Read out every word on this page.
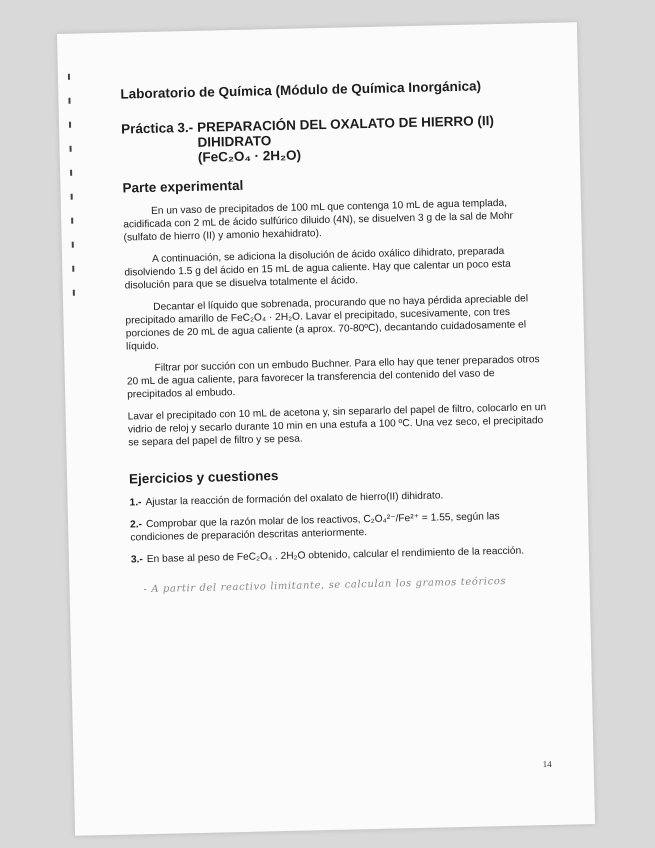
Laboratorio de Química (Módulo de Química Inorgánica)
Práctica 3.- PREPARACIÓN DEL OXALATO DE HIERRO (II) DIHIDRATO
(FeC₂O₄ · 2H₂O)
Parte experimental

En un vaso de precipitados de 100 mL que contenga 10 mL de agua templada, acidificada con 2 mL de ácido sulfúrico diluido (4N), se disuelven 3 g de la sal de Mohr (sulfato de hierro (II) y amonio hexahidrato).

A continuación, se adiciona la disolución de ácido oxálico dihidrato, preparada disolviendo 1.5 g del ácido en 15 mL de agua caliente. Hay que calentar un poco esta disolución para que se disuelva totalmente el ácido.

Decantar el líquido que sobrenada, procurando que no haya pérdida apreciable del precipitado amarillo de FeC₂O₄ · 2H₂O. Lavar el precipitado, sucesivamente, con tres porciones de 20 mL de agua caliente (a aprox. 70-80ºC), decantando cuidadosamente el líquido.

Filtrar por succión con un embudo Buchner. Para ello hay que tener preparados otros 20 mL de agua caliente, para favorecer la transferencia del contenido del vaso de precipitados al embudo.

Lavar el precipitado con 10 mL de acetona y, sin separarlo del papel de filtro, colocarlo en un vidrio de reloj y secarlo durante 10 min en una estufa a 100 ºC. Una vez seco, el precipitado se separa del papel de filtro y se pesa.

Ejercicios y cuestiones
1.- Ajustar la reacción de formación del oxalato de hierro(II) dihidrato.
2.- Comprobar que la razón molar de los reactivos, C₂O₄²⁻/Fe²⁺ = 1.55, según las condiciones de preparación descritas anteriormente.
3.- En base al peso de FeC₂O₄ . 2H₂O obtenido, calcular el rendimiento de la reacción.
- A partir del reactivo limitante, se calculan los gramos teóricos
14
